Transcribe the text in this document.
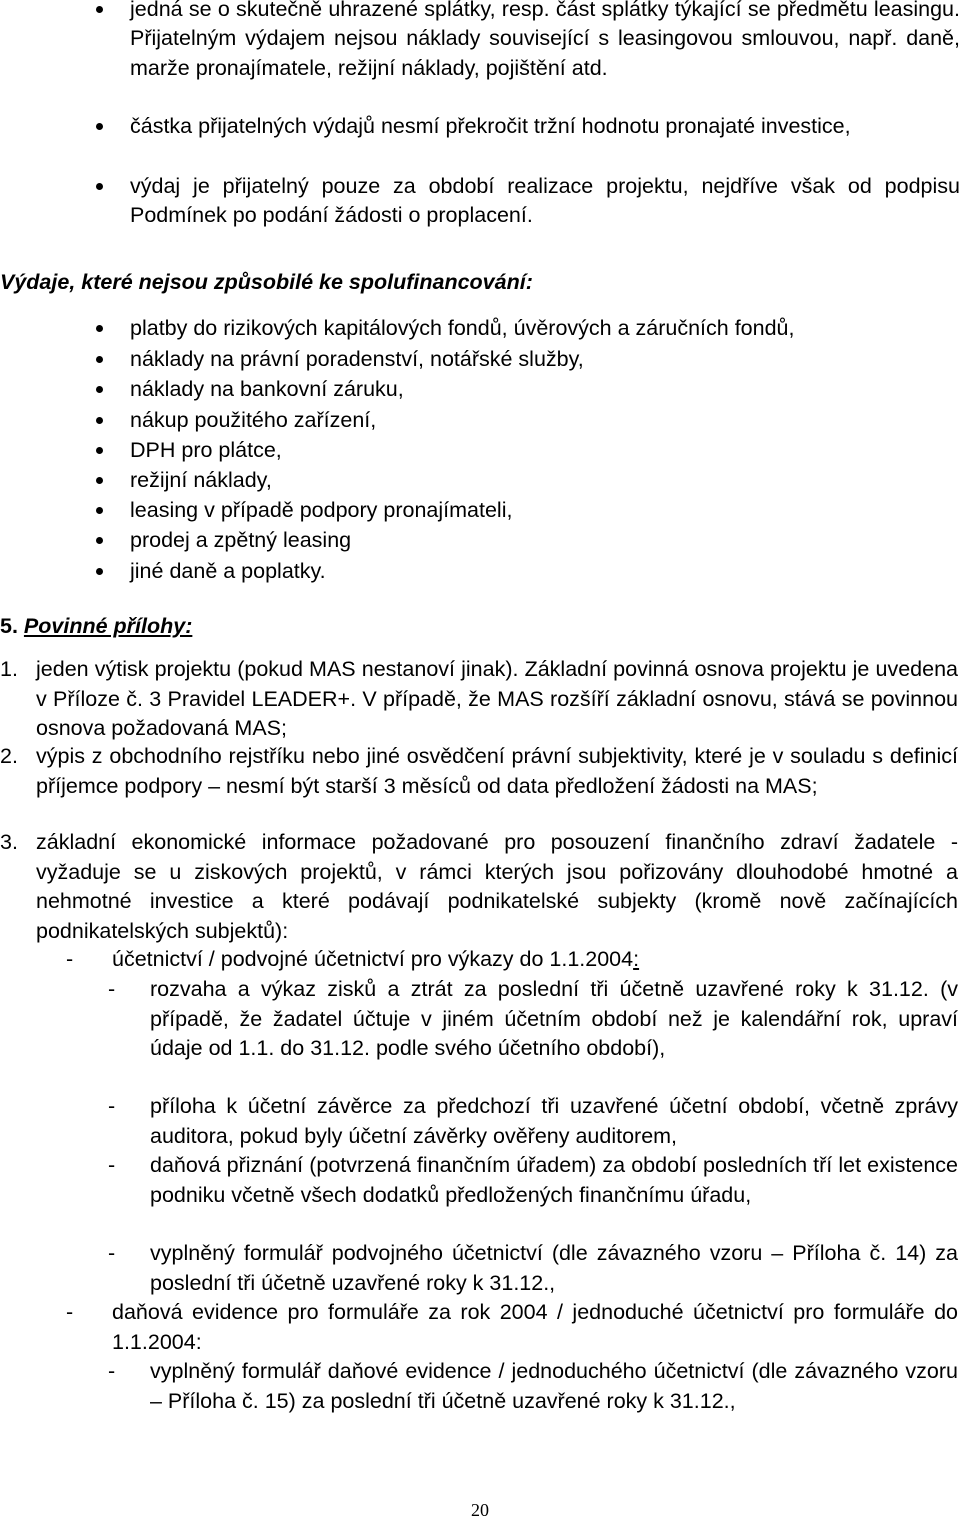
jedná se o skutečně uhrazené splátky, resp. část splátky týkající se předmětu leasingu. Přijatelným výdajem nejsou náklady související s leasingovou smlouvou, např. daně, marže pronajímatele, režijní náklady, pojištění atd.
částka přijatelných výdajů nesmí překročit tržní hodnotu pronajaté investice,
výdaj je přijatelný pouze za období realizace projektu, nejdříve však od podpisu Podmínek po podání žádosti o proplacení.
Výdaje, které nejsou způsobilé ke spolufinancování:
platby do rizikových kapitálových fondů, úvěrových a záručních fondů,
náklady na právní poradenství, notářské služby,
náklady na bankovní záruku,
nákup použitého zařízení,
DPH pro plátce,
režijní náklady,
leasing v případě podpory pronajímateli,
prodej a zpětný leasing
jiné daně a poplatky.
5. Povinné přílohy:
1. jeden výtisk projektu (pokud MAS nestanoví jinak). Základní povinná osnova projektu je uvedena v Příloze č. 3 Pravidel LEADER+. V případě, že MAS rozšíří základní osnovu, stává se povinnou osnova požadovaná MAS;
2. výpis z obchodního rejstříku nebo jiné osvědčení právní subjektivity, které je v souladu s definicí příjemce podpory – nesmí být starší 3 měsíců od data předložení žádosti na MAS;
3. základní ekonomické informace požadované pro posouzení finančního zdraví žadatele - vyžaduje se u ziskových projektů, v rámci kterých jsou pořizovány dlouhodobé hmotné a nehmotné investice a které podávají podnikatelské subjekty (kromě nově začínajících podnikatelských subjektů):
- účetnictví / podvojné účetnictví pro výkazy do 1.1.2004:
- rozvaha a výkaz zisků a ztrát za poslední tři účetně uzavřené roky k 31.12. (v případě, že žadatel účtuje v jiném účetním období než je kalendářní rok, upraví údaje od 1.1. do 31.12. podle svého účetního období),
- příloha k účetní závěrce za předchozí tři uzavřené účetní období, včetně zprávy auditora, pokud byly účetní závěrky ověřeny auditorem,
- daňová přiznání (potvrzená finančním úřadem) za období posledních tří let existence podniku včetně všech dodatků předložených finančnímu úřadu,
- vyplněný formulář podvojného účetnictví (dle závazného vzoru – Příloha č. 14) za poslední tři účetně uzavřené roky k 31.12.,
- daňová evidence pro formuláře za rok 2004 / jednoduché účetnictví pro formuláře do 1.1.2004:
- vyplněný formulář daňové evidence / jednoduchého účetnictví (dle závazného vzoru – Příloha č. 15) za poslední tři účetně uzavřené roky k 31.12.,
20
